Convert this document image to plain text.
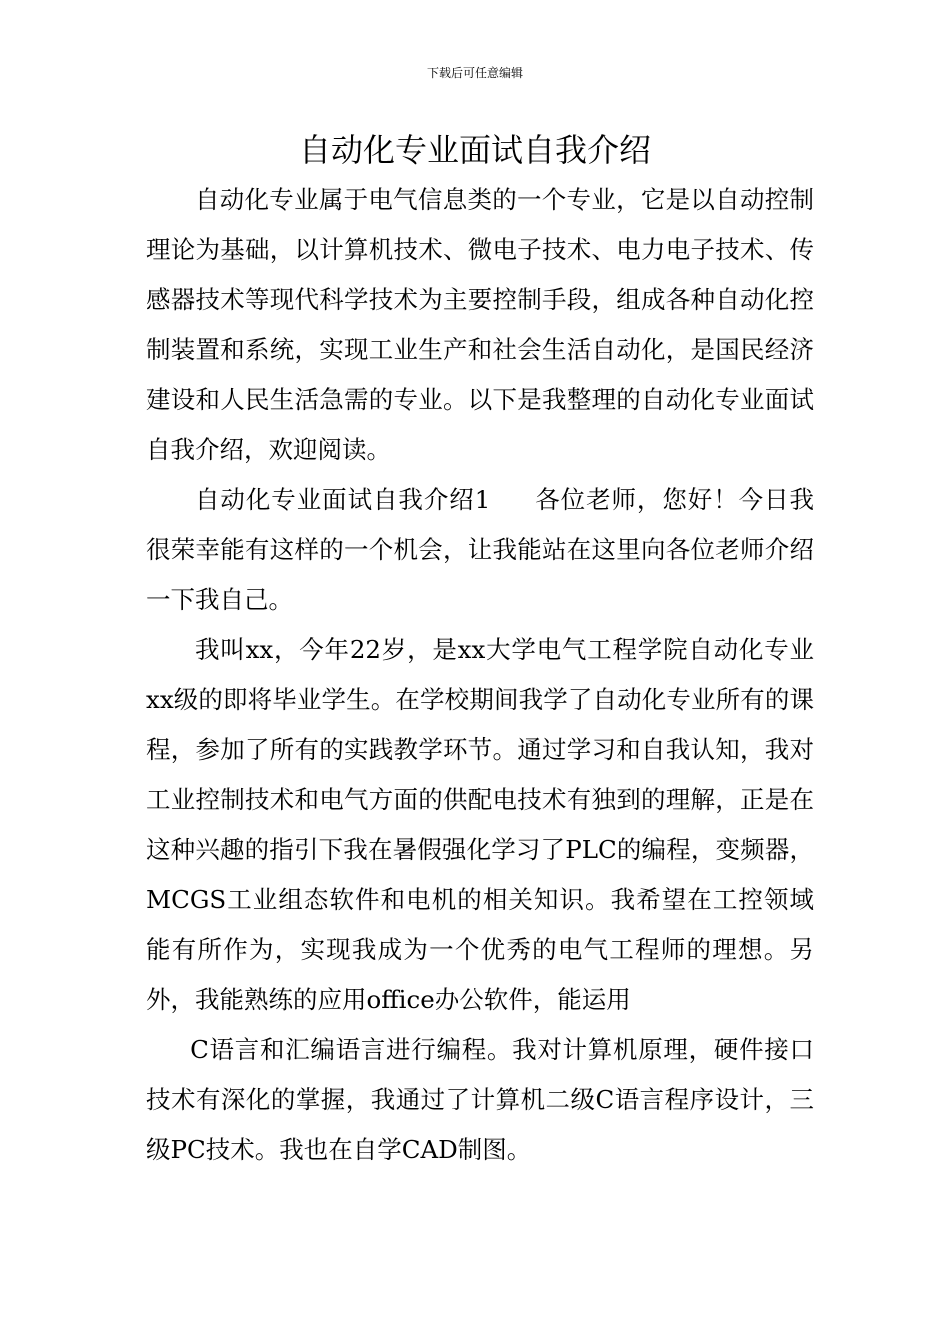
下载后可任意编辑
自动化专业面试自我介绍

自动化专业属于电气信息类的一个专业，它是以自动控制理论为基础，以计算机技术、微电子技术、电力电子技术、传感器技术等现代科学技术为主要控制手段，组成各种自动化控制装置和系统，实现工业生产和社会生活自动化，是国民经济建设和人民生活急需的专业。以下是我整理的自动化专业面试自我介绍，欢迎阅读。

自动化专业面试自我介绍1 各位老师，您好！今日我很荣幸能有这样的一个机会，让我能站在这里向各位老师介绍一下我自己。

我叫xx，今年22岁，是xx大学电气工程学院自动化专业xx级的即将毕业学生。在学校期间我学了自动化专业所有的课程，参加了所有的实践教学环节。通过学习和自我认知，我对工业控制技术和电气方面的供配电技术有独到的理解，正是在这种兴趣的指引下我在暑假强化学习了PLC的编程，变频器，MCGS工业组态软件和电机的相关知识。我希望在工控领域能有所作为，实现我成为一个优秀的电气工程师的理想。另外，我能熟练的应用office办公软件，能运用

C语言和汇编语言进行编程。我对计算机原理，硬件接口技术有深化的掌握，我通过了计算机二级C语言程序设计，三级PC技术。我也在自学CAD制图。
